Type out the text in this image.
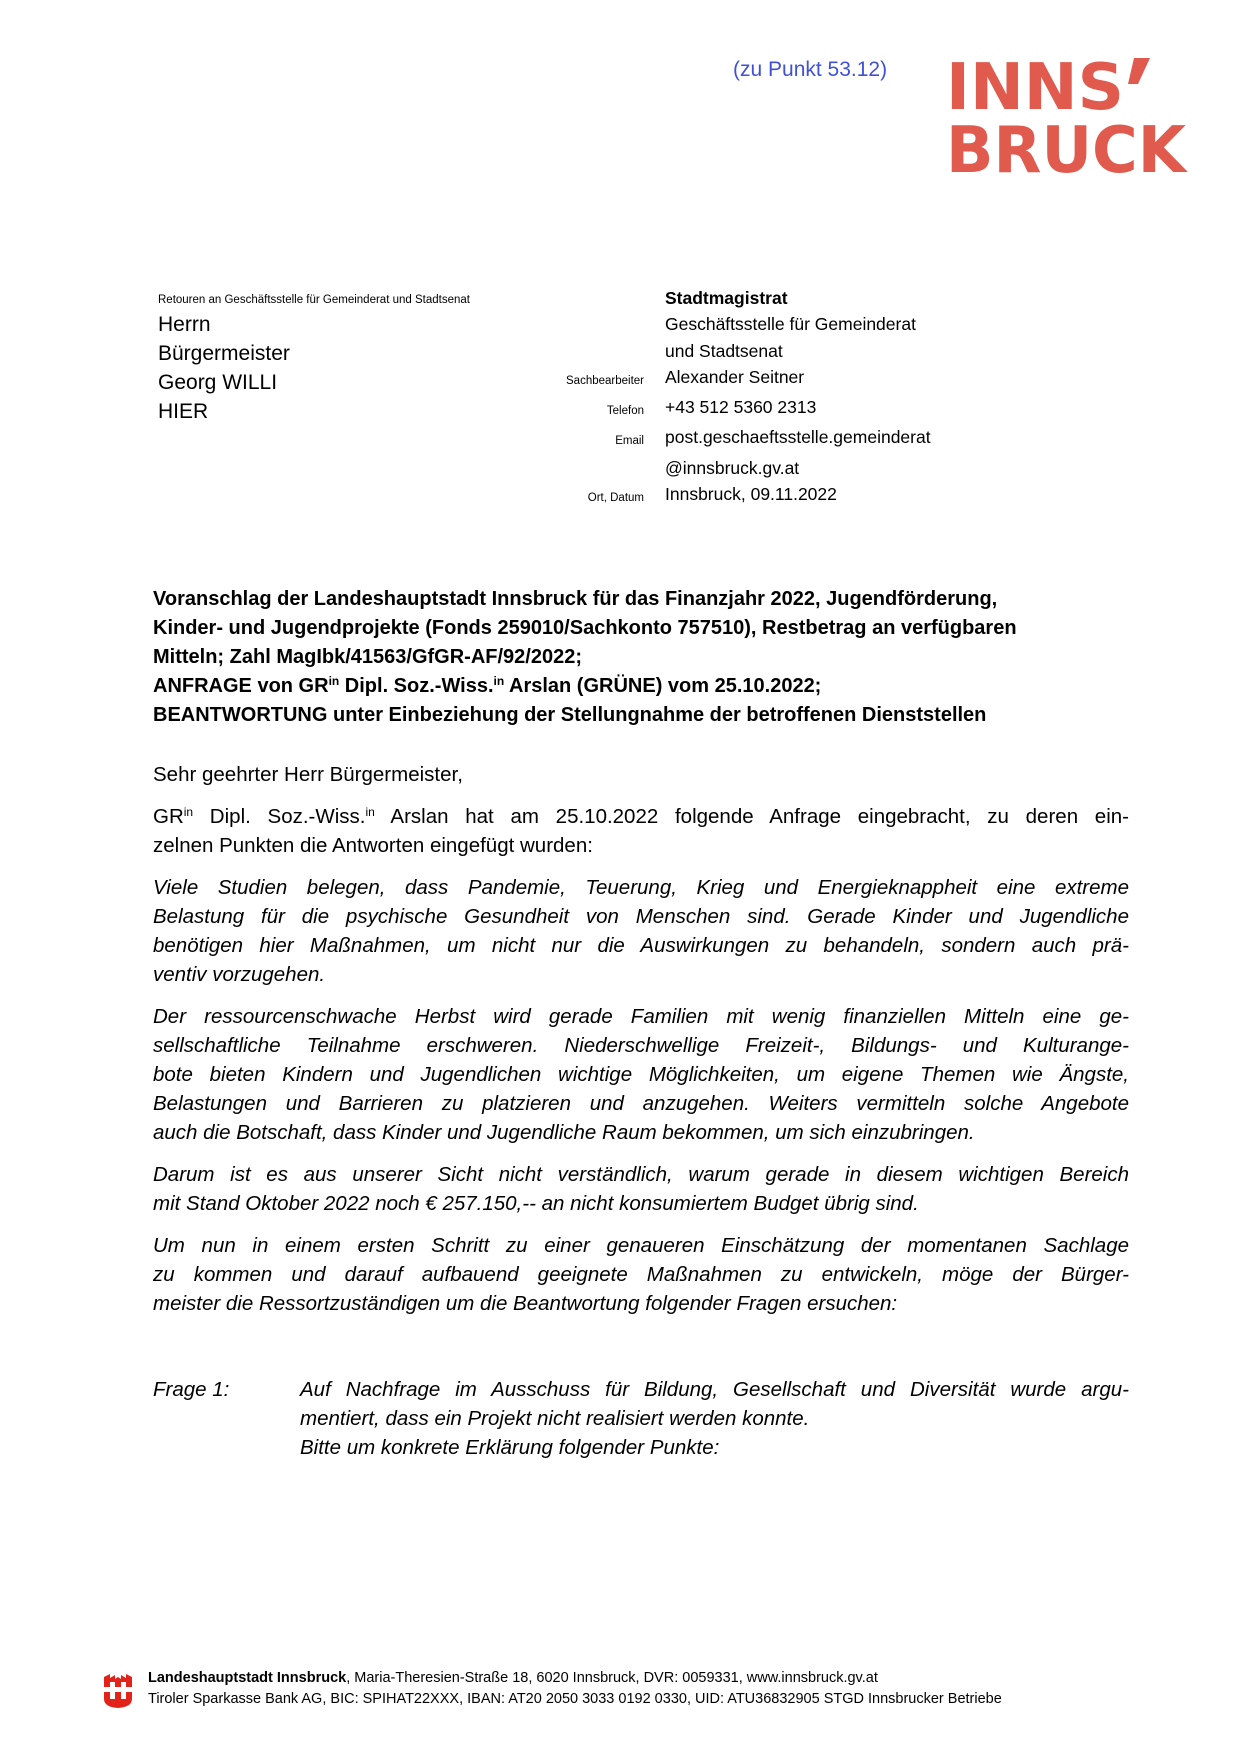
(zu Punkt 53.12) INNS
BRUCK
Retouren an Geschäftsstelle für Gemeinderat und Stadtsenat
Herrn
Bürgermeister
Georg WILLI
HIER
Stadtmagistrat
Geschäftsstelle für Gemeinderat
und Stadtsenat
Sachbearbeiter	Alexander Seitner
Telefon	+43 512 5360 2313
Email	post.geschaeftsstelle.gemeinderat
@innsbruck.gv.at
Ort, Datum	Innsbruck, 09.11.2022
Voranschlag der Landeshauptstadt Innsbruck für das Finanzjahr 2022, Jugendförderung,
Kinder- und Jugendprojekte (Fonds 259010/Sachkonto 757510), Restbetrag an verfügbaren
Mitteln; Zahl MagIbk/41563/GfGR-AF/92/2022;
ANFRAGE von $GR^{in}$ Dipl. Soz.-Wiss.$^{in}$ Arslan (GRÜNE) vom 25.10.2022;
BEANTWORTUNG unter Einbeziehung der Stellungnahme der betroffenen Dienststellen
Sehr geehrter Herr Bürgermeister,
$GR^{in}$ Dipl. Soz.-Wiss.$^{in}$ Arslan hat am 25.10.2022 folgende Anfrage eingebracht, zu deren ein-
zelnen Punkten die Antworten eingefügt wurden:
Viele Studien belegen, dass Pandemie, Teuerung, Krieg und Energieknappheit eine extreme
Belastung für die psychische Gesundheit von Menschen sind. Gerade Kinder und Jugendliche
benötigen hier Maßnahmen, um nicht nur die Auswirkungen zu behandeln, sondern auch prä-
ventiv vorzugehen.
Der ressourcenschwache Herbst wird gerade Familien mit wenig finanziellen Mitteln eine ge-
sellschaftliche Teilnahme erschweren. Niederschwellige Freizeit-, Bildungs- und Kulturange-
bote bieten Kindern und Jugendlichen wichtige Möglichkeiten, um eigene Themen wie Ängste,
Belastungen und Barrieren zu platzieren und anzugehen. Weiters vermitteln solche Angebote
auch die Botschaft, dass Kinder und Jugendliche Raum bekommen, um sich einzubringen.
Darum ist es aus unserer Sicht nicht verständlich, warum gerade in diesem wichtigen Bereich
mit Stand Oktober 2022 noch € 257.150,-- an nicht konsumiertem Budget übrig sind.
Um nun in einem ersten Schritt zu einer genaueren Einschätzung der momentanen Sachlage
zu kommen und darauf aufbauend geeignete Maßnahmen zu entwickeln, möge der Bürger-
meister die Ressortzuständigen um die Beantwortung folgender Fragen ersuchen:
Frage 1:	Auf Nachfrage im Ausschuss für Bildung, Gesellschaft und Diversität wurde argu-
mentiert, dass ein Projekt nicht realisiert werden konnte.
Bitte um konkrete Erklärung folgender Punkte:
Landeshauptstadt Innsbruck, Maria-Theresien-Straße 18, 6020 Innsbruck, DVR: 0059331, www.innsbruck.gv.at
Tiroler Sparkasse Bank AG, BIC: SPIHAT22XXX, IBAN: AT20 2050 3033 0192 0330, UID: ATU36832905 STGD Innsbrucker Betriebe
